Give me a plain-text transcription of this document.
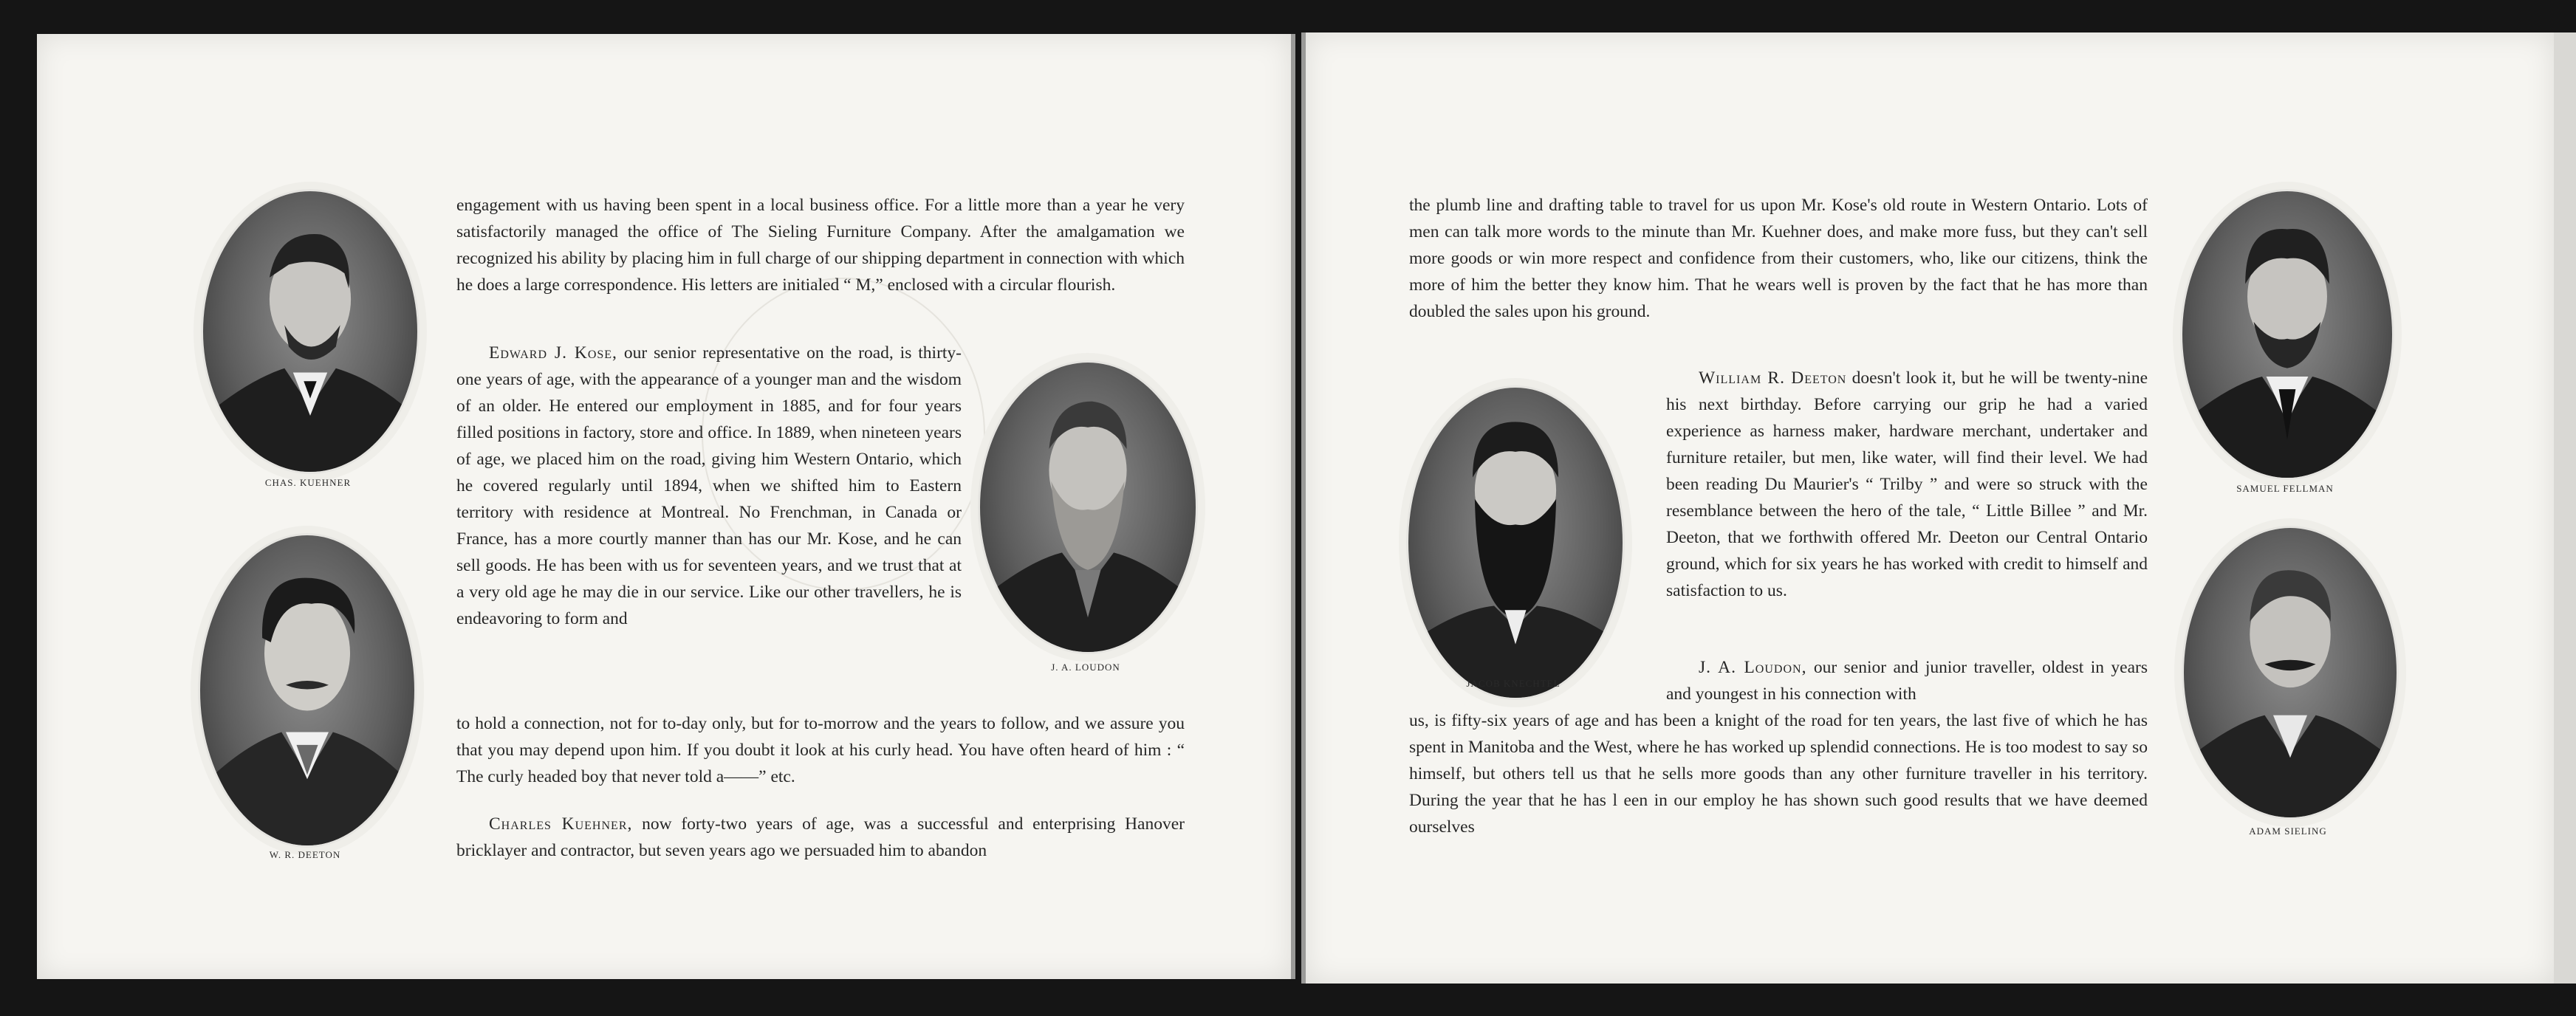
CHAS. KUEHNER
W. R. DEETON
J. A. LOUDON

engagement with us having been spent in a local business office. For a little more than a year he very satisfactorily managed the office of The Sieling Furniture Company. After the amalgamation we recognized his ability by placing him in full charge of our shipping department in connection with which he does a large correspondence. His letters are initialed “ M,” enclosed with a circular flourish.

Edward J. Kose, our senior representative on the road, is thirty-one years of age, with the appearance of a younger man and the wisdom of an older. He entered our employment in 1885, and for four years filled positions in factory, store and office. In 1889, when nineteen years of age, we placed him on the road, giving him Western Ontario, which he covered regularly until 1894, when we shifted him to Eastern territory with residence at Montreal. No Frenchman, in Canada or France, has a more courtly manner than has our Mr. Kose, and he can sell goods. He has been with us for seventeen years, and we trust that at a very old age he may die in our service. Like our other travellers, he is endeavoring to form and

to hold a connection, not for to-day only, but for to-morrow and the years to follow, and we assure you that you may depend upon him. If you doubt it look at his curly head. You have often heard of him : “ The curly headed boy that never told a——” etc.

Charles Kuehner, now forty-two years of age, was a successful and enterprising Hanover bricklayer and contractor, but seven years ago we persuaded him to abandon

JACOB KNECHTEL
SAMUEL FELLMAN
ADAM SIELING

the plumb line and drafting table to travel for us upon Mr. Kose's old route in Western Ontario. Lots of men can talk more words to the minute than Mr. Kuehner does, and make more fuss, but they can't sell more goods or win more respect and confidence from their customers, who, like our citizens, think the more of him the better they know him. That he wears well is proven by the fact that he has more than doubled the sales upon his ground.

William R. Deeton doesn't look it, but he will be twenty-nine his next birthday. Before carrying our grip he had a varied experience as harness maker, hardware merchant, undertaker and furniture retailer, but men, like water, will find their level. We had been reading Du Maurier's “ Trilby ” and were so struck with the resemblance between the hero of the tale, “ Little Billee ” and Mr. Deeton, that we forthwith offered Mr. Deeton our Central Ontario ground, which for six years he has worked with credit to himself and satisfaction to us.

J. A. Loudon, our senior and junior traveller, oldest in years and youngest in his connection with

us, is fifty-six years of age and has been a knight of the road for ten years, the last five of which he has spent in Manitoba and the West, where he has worked up splendid connections. He is too modest to say so himself, but others tell us that he sells more goods than any other furniture traveller in his territory. During the year that he has l een in our employ he has shown such good results that we have deemed ourselves
